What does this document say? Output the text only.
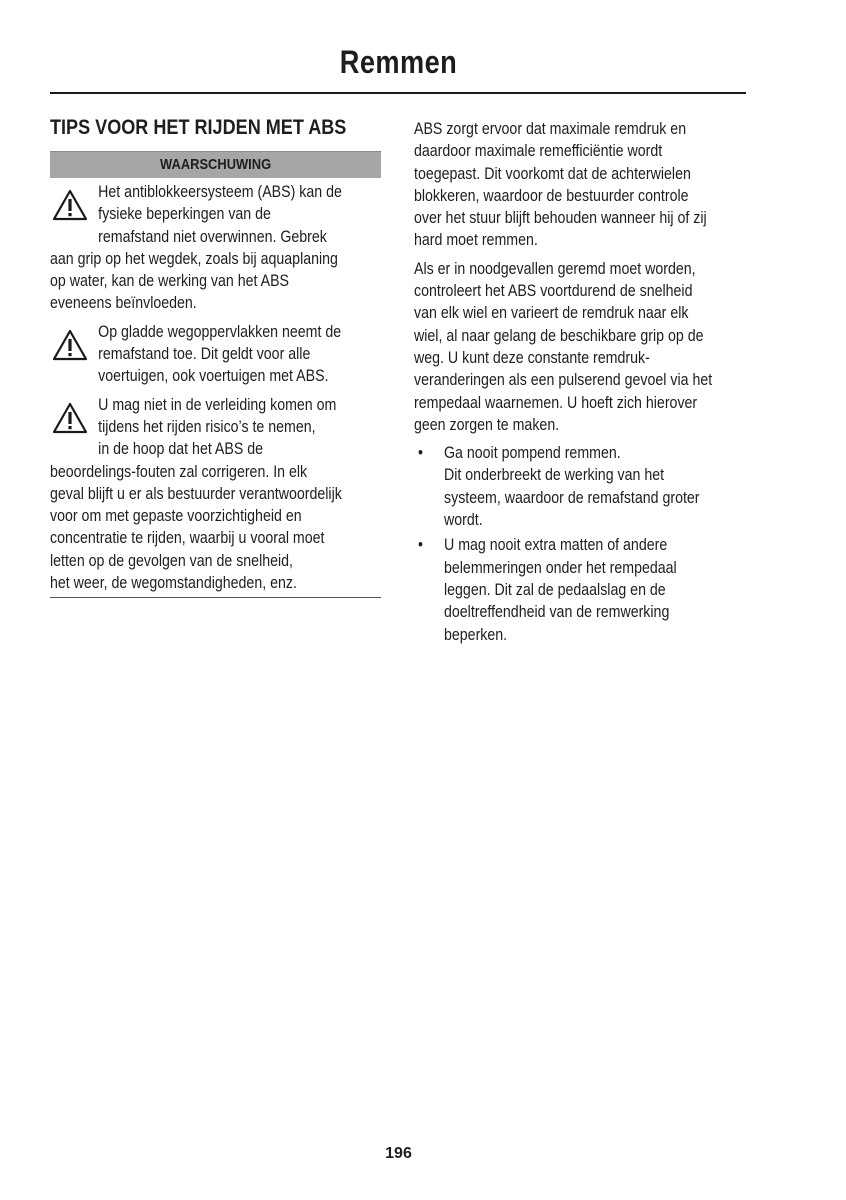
Remmen
TIPS VOOR HET RIJDEN MET ABS
WAARSCHUWING
Het antiblokkeersysteem (ABS) kan de
fysieke beperkingen van de
remafstand niet overwinnen. Gebrek
aan grip op het wegdek, zoals bij aquaplaning
op water, kan de werking van het ABS
eveneens beïnvloeden.
Op gladde wegoppervlakken neemt de
remafstand toe. Dit geldt voor alle
voertuigen, ook voertuigen met ABS.
U mag niet in de verleiding komen om
tijdens het rijden risico’s te nemen,
in de hoop dat het ABS de
beoordelings-fouten zal corrigeren. In elk
geval blijft u er als bestuurder verantwoordelijk
voor om met gepaste voorzichtigheid en
concentratie te rijden, waarbij u vooral moet
letten op de gevolgen van de snelheid,
het weer, de wegomstandigheden, enz.
ABS zorgt ervoor dat maximale remdruk en
daardoor maximale remefficiëntie wordt
toegepast. Dit voorkomt dat de achterwielen
blokkeren, waardoor de bestuurder controle
over het stuur blijft behouden wanneer hij of zij
hard moet remmen.
Als er in noodgevallen geremd moet worden,
controleert het ABS voortdurend de snelheid
van elk wiel en varieert de remdruk naar elk
wiel, al naar gelang de beschikbare grip op de
weg. U kunt deze constante remdruk-
veranderingen als een pulserend gevoel via het
rempedaal waarnemen. U hoeft zich hierover
geen zorgen te maken.
• Ga nooit pompend remmen.
Dit onderbreekt de werking van het
systeem, waardoor de remafstand groter
wordt.
• U mag nooit extra matten of andere
belemmeringen onder het rempedaal
leggen. Dit zal de pedaalslag en de
doeltreffendheid van de remwerking
beperken.
196
